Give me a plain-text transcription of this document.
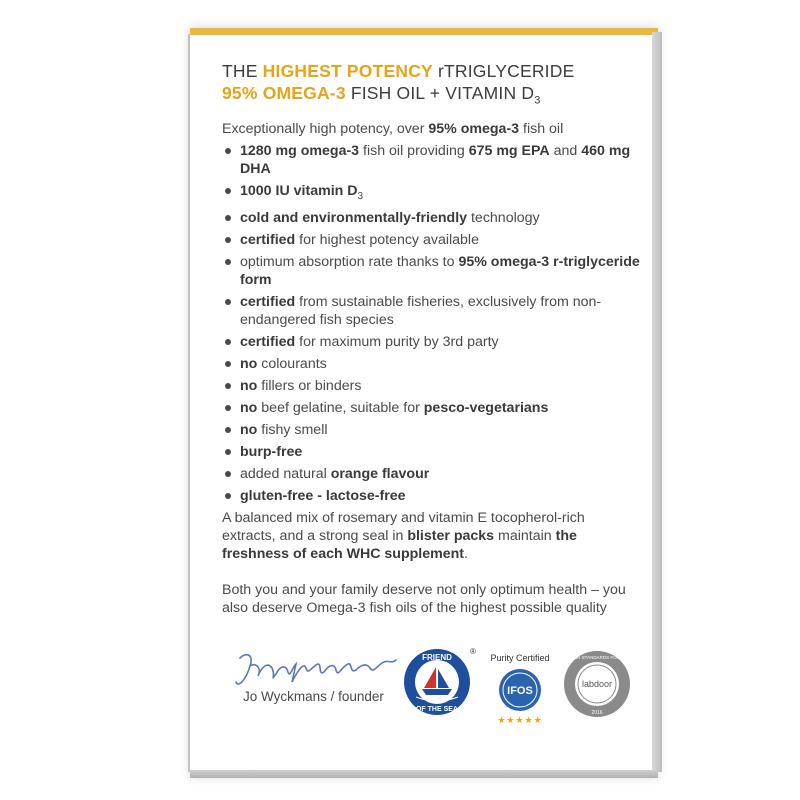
THE HIGHEST POTENCY rTRIGLYCERIDE
95% OMEGA-3 FISH OIL + VITAMIN $D_3$
Exceptionally high potency, over 95% omega-3 fish oil
1280 mg omega-3 fish oil providing 675 mg EPA and 460 mg DHA
1000 IU vitamin $D_3$
cold and environmentally-friendly technology
certified for highest potency available
optimum absorption rate thanks to 95% omega-3 r-triglyceride form
certified from sustainable fisheries, exclusively from non-endangered fish species
certified for maximum purity by 3rd party
no colourants
no fillers or binders
no beef gelatine, suitable for pesco-vegetarians
no fishy smell
burp-free
added natural orange flavour
gluten-free - lactose-free
A balanced mix of rosemary and vitamin E tocopherol-rich extracts, and a strong seal in blister packs maintain the freshness of each WHC supplement.
Both you and your family deserve not only optimum health – you also deserve Omega-3 fish oils of the highest possible quality
Jo Wyckmans / founder
FRIEND
OF THE SEA
®
Purity Certified
IFOS
★★★★★
labdoor
MEETS OUR STANDARDS FOR QUALITY
2016
